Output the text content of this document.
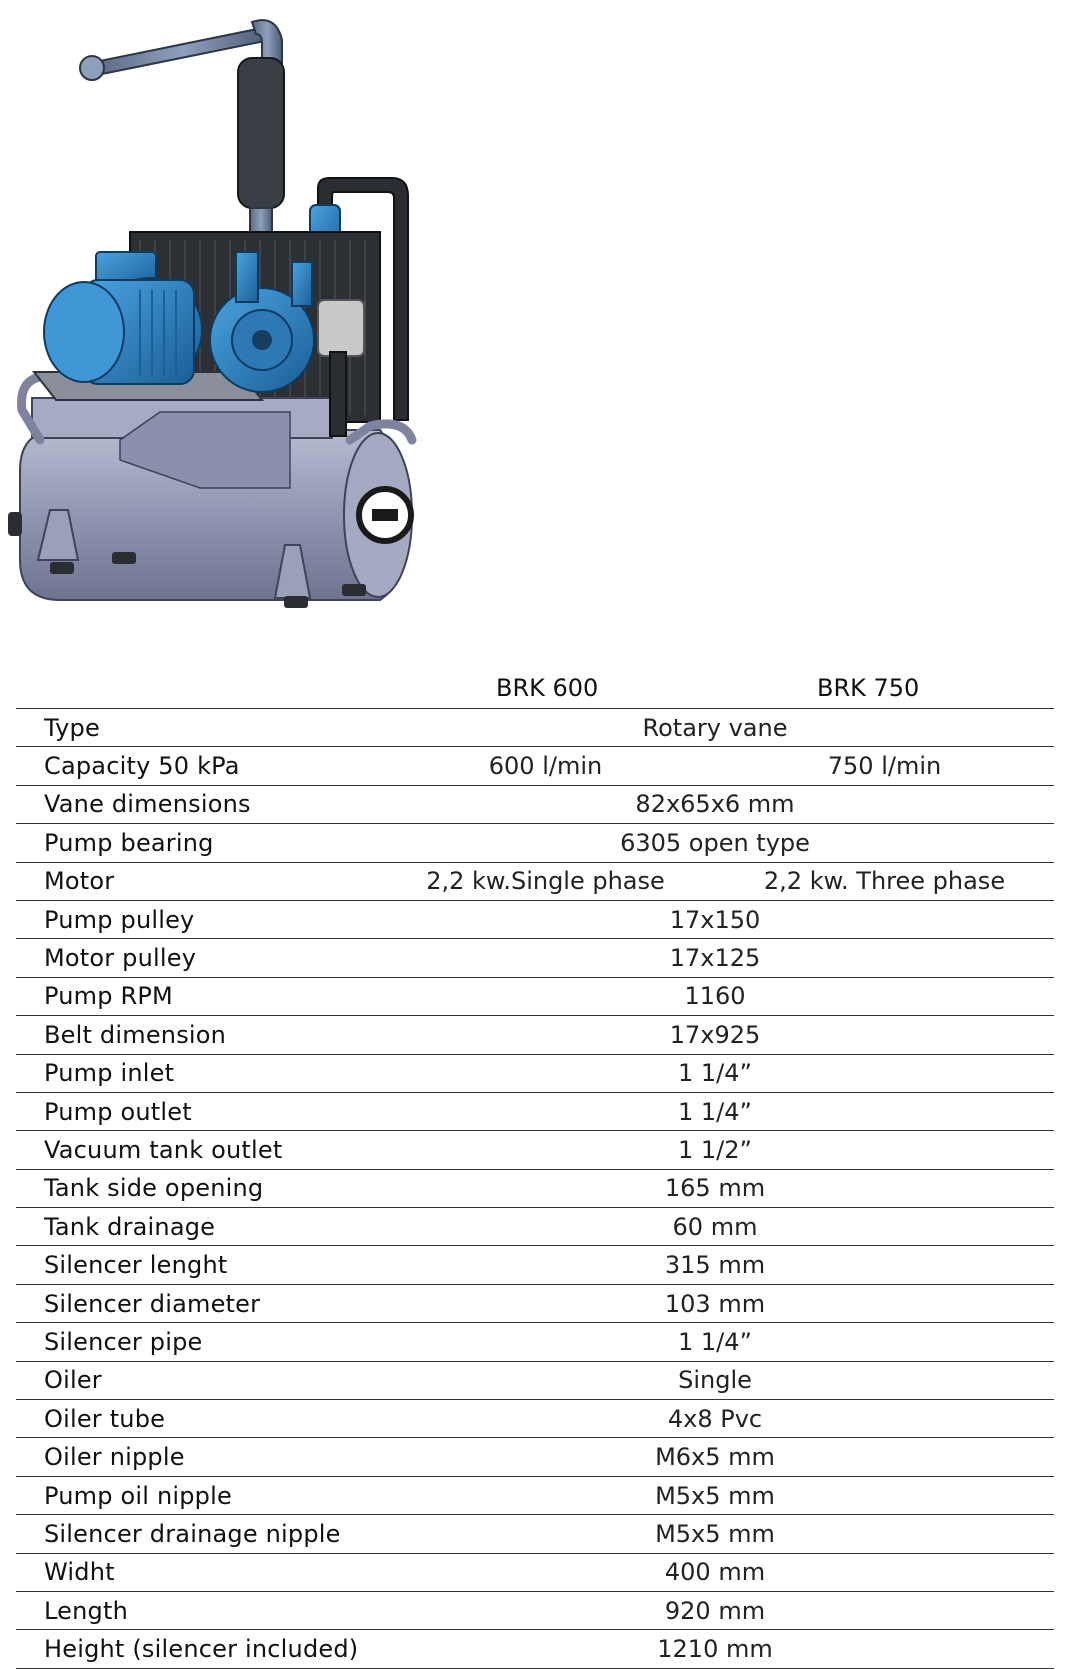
	BRK 600	BRK 750
Type	Rotary vane	
Capacity 50 kPa	600 l/min	750 l/min
Vane dimensions	82x65x6 mm	
Pump bearing	6305 open type	
Motor	2,2 kw.Single phase	2,2 kw. Three phase
Pump pulley	17x150	
Motor pulley	17x125	
Pump RPM	1160	
Belt dimension	17x925	
Pump inlet	1 1/4”	
Pump outlet	1 1/4”	
Vacuum tank outlet	1 1/2”	
Tank side opening	165 mm	
Tank drainage	60 mm	
Silencer lenght	315 mm	
Silencer diameter	103 mm	
Silencer pipe	1 1/4”	
Oiler	Single	
Oiler tube	4x8 Pvc	
Oiler nipple	M6x5 mm	
Pump oil nipple	M5x5 mm	
Silencer drainage nipple	M5x5 mm	
Widht	400 mm	
Length	920 mm	
Height (silencer included)	1210 mm	
